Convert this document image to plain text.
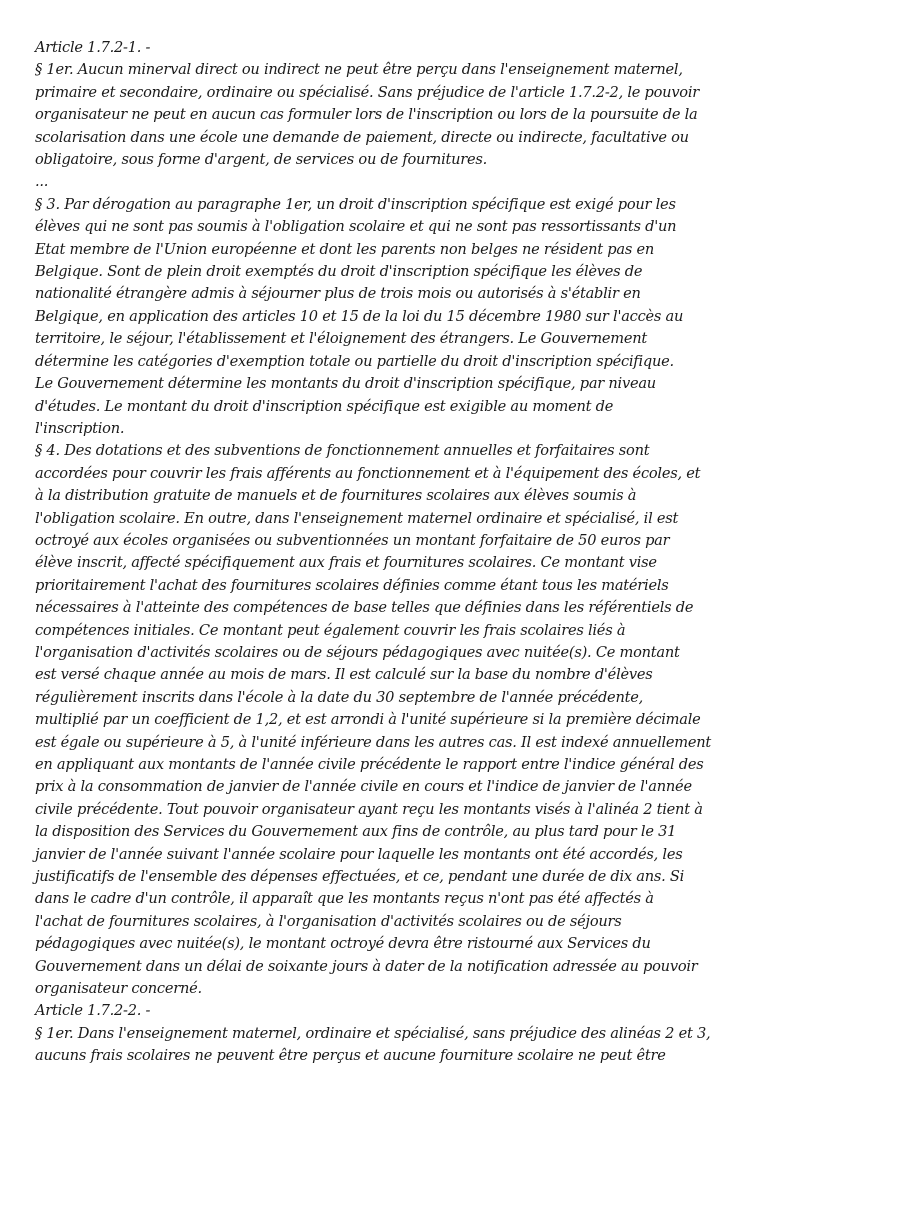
Article 1.7.2-1. -
§ 1er. Aucun minerval direct ou indirect ne peut être perçu dans l'enseignement maternel,
primaire et secondaire, ordinaire ou spécialisé. Sans préjudice de l'article 1.7.2-2, le pouvoir
organisateur ne peut en aucun cas formuler lors de l'inscription ou lors de la poursuite de la
scolarisation dans une école une demande de paiement, directe ou indirecte, facultative ou
obligatoire, sous forme d'argent, de services ou de fournitures.
...
§ 3. Par dérogation au paragraphe 1er, un droit d'inscription spécifique est exigé pour les
élèves qui ne sont pas soumis à l'obligation scolaire et qui ne sont pas ressortissants d'un
Etat membre de l'Union européenne et dont les parents non belges ne résident pas en
Belgique. Sont de plein droit exemptés du droit d'inscription spécifique les élèves de
nationalité étrangère admis à séjourner plus de trois mois ou autorisés à s'établir en
Belgique, en application des articles 10 et 15 de la loi du 15 décembre 1980 sur l'accès au
territoire, le séjour, l'établissement et l'éloignement des étrangers. Le Gouvernement
détermine les catégories d'exemption totale ou partielle du droit d'inscription spécifique.
Le Gouvernement détermine les montants du droit d'inscription spécifique, par niveau
d'études. Le montant du droit d'inscription spécifique est exigible au moment de
l'inscription.
§ 4. Des dotations et des subventions de fonctionnement annuelles et forfaitaires sont
accordées pour couvrir les frais afférents au fonctionnement et à l'équipement des écoles, et
à la distribution gratuite de manuels et de fournitures scolaires aux élèves soumis à
l'obligation scolaire. En outre, dans l'enseignement maternel ordinaire et spécialisé, il est
octroyé aux écoles organisées ou subventionnées un montant forfaitaire de 50 euros par
élève inscrit, affecté spécifiquement aux frais et fournitures scolaires. Ce montant vise
prioritairement l'achat des fournitures scolaires définies comme étant tous les matériels
nécessaires à l'atteinte des compétences de base telles que définies dans les référentiels de
compétences initiales. Ce montant peut également couvrir les frais scolaires liés à
l'organisation d'activités scolaires ou de séjours pédagogiques avec nuitée(s). Ce montant
est versé chaque année au mois de mars. Il est calculé sur la base du nombre d'élèves
régulièrement inscrits dans l'école à la date du 30 septembre de l'année précédente,
multiplié par un coefficient de 1,2, et est arrondi à l'unité supérieure si la première décimale
est égale ou supérieure à 5, à l'unité inférieure dans les autres cas. Il est indexé annuellement
en appliquant aux montants de l'année civile précédente le rapport entre l'indice général des
prix à la consommation de janvier de l'année civile en cours et l'indice de janvier de l'année
civile précédente. Tout pouvoir organisateur ayant reçu les montants visés à l'alinéa 2 tient à
la disposition des Services du Gouvernement aux fins de contrôle, au plus tard pour le 31
janvier de l'année suivant l'année scolaire pour laquelle les montants ont été accordés, les
justificatifs de l'ensemble des dépenses effectuées, et ce, pendant une durée de dix ans. Si
dans le cadre d'un contrôle, il apparaît que les montants reçus n'ont pas été affectés à
l'achat de fournitures scolaires, à l'organisation d'activités scolaires ou de séjours
pédagogiques avec nuitée(s), le montant octroyé devra être ristourné aux Services du
Gouvernement dans un délai de soixante jours à dater de la notification adressée au pouvoir
organisateur concerné.
Article 1.7.2-2. -
§ 1er. Dans l'enseignement maternel, ordinaire et spécialisé, sans préjudice des alinéas 2 et 3,
aucuns frais scolaires ne peuvent être perçus et aucune fourniture scolaire ne peut être
